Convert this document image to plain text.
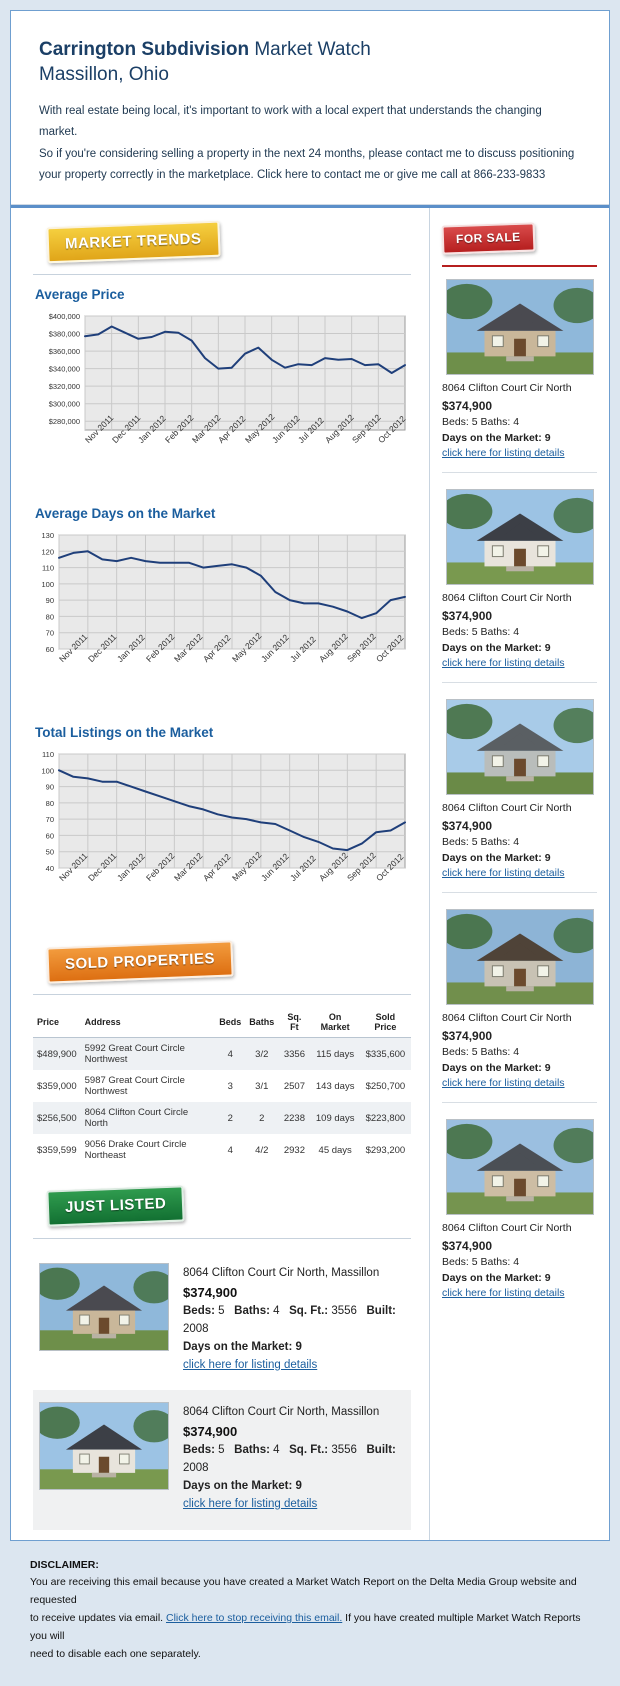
Carrington Subdivision Market Watch
Massillon, Ohio
With real estate being local, it's important to work with a local expert that understands the changing market.
So if you're considering selling a property in the next 24 months, please contact me to discuss positioning
your property correctly in the marketplace. Click here to contact me or give me call at 866-233-9833
MARKET TRENDS
Average Price
$280,000
$300,000
$320,000
$340,000
$360,000
$380,000
$400,000
Nov 2011
Dec 2011
Jan 2012
Feb 2012
Mar 2012
Apr 2012
May 2012
Jun 2012
Jul 2012
Aug 2012
Sep 2012
Oct 2012
Average Days on the Market
60
70
80
90
100
110
120
130
Nov 2011
Dec 2011
Jan 2012
Feb 2012
Mar 2012
Apr 2012
May 2012
Jun 2012
Jul 2012 Aug 2012
Sep 2012
Oct 2012
Total Listings on the Market
40
50
60
70
80
90
100
110
Nov 2011
Dec 2011
Jan 2012
Feb 2012
Mar 2012
Apr 2012
May 2012
Jun 2012
Jul 2012 Aug 2012
Sep 2012
Oct 2012
SOLD PROPERTIES
Price	Address	Beds	Baths	Sq. Ft	On Market	Sold Price
$489,900	5992 Great Court Circle Northwest	4	3/2	3356	115 days	$335,600
$359,000	5987 Great Court Circle Northwest	3	3/1	2507	143 days	$250,700
$256,500	8064 Clifton Court Circle North	2	2	2238	109 days	$223,800
$359,599	9056 Drake Court Circle Northeast	4	4/2	2932	45 days	$293,200
JUST LISTED
8064 Clifton Court Cir North, Massillon
$374,900
Beds: 5 Baths: 4 Sq. Ft.: 3556 Built: 2008
Days on the Market: 9
click here for listing details
8064 Clifton Court Cir North, Massillon
$374,900
Beds: 5 Baths: 4 Sq. Ft.: 3556 Built: 2008
Days on the Market: 9
click here for listing details
FOR SALE
8064 Clifton Court Cir North
$374,900
Beds: 5 Baths: 4
Days on the Market: 9
click here for listing details
8064 Clifton Court Cir North
$374,900
Beds: 5 Baths: 4
Days on the Market: 9
click here for listing details
8064 Clifton Court Cir North
$374,900
Beds: 5 Baths: 4
Days on the Market: 9
click here for listing details
8064 Clifton Court Cir North
$374,900
Beds: 5 Baths: 4
Days on the Market: 9
click here for listing details
8064 Clifton Court Cir North
$374,900
Beds: 5 Baths: 4
Days on the Market: 9
click here for listing details
DISCLAIMER:
You are receiving this email because you have created a Market Watch Report on the Delta Media Group website and requested
to receive updates via email. Click here to stop receiving this email. If you have created multiple Market Watch Reports you will
need to disable each one separately.
